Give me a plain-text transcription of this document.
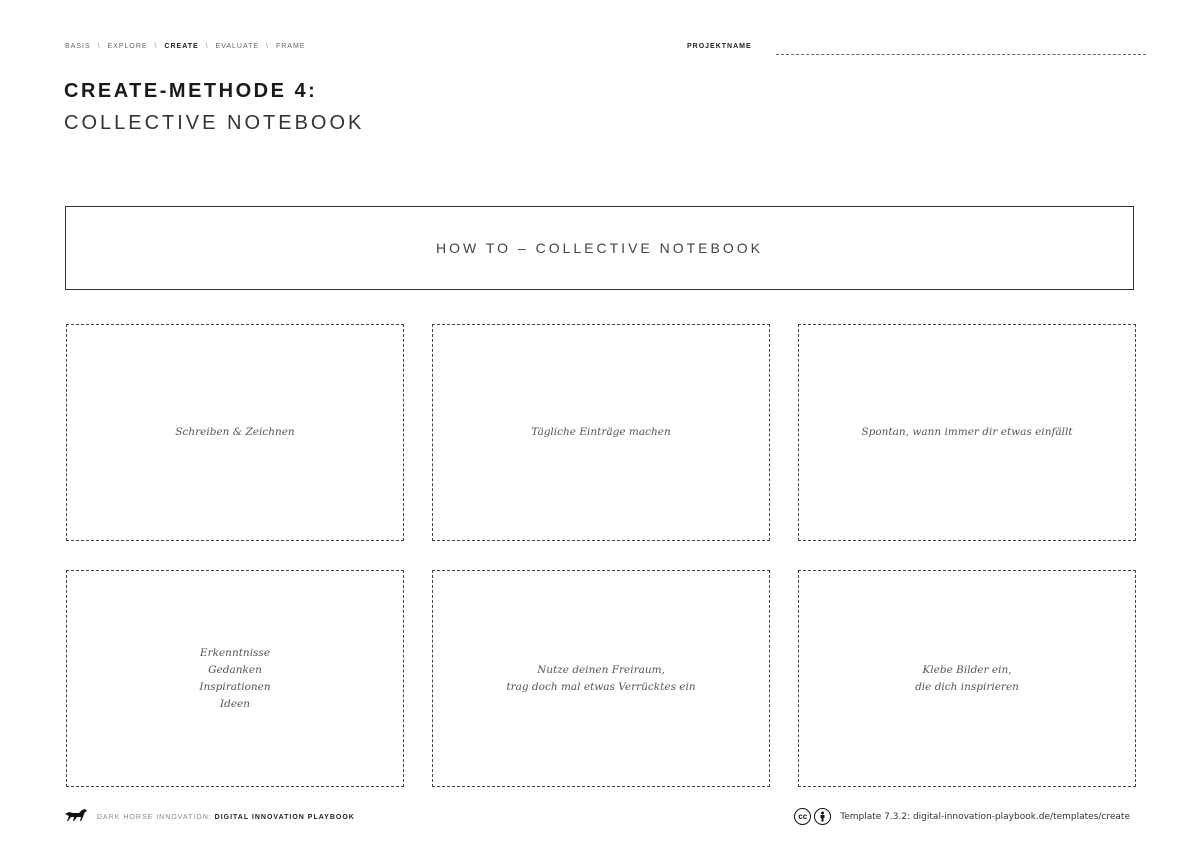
BASIS \ EXPLORE \ CREATE \ EVALUATE \ FRAME	PROJEKTNAME
CREATE-METHODE 4:
COLLECTIVE NOTEBOOK
HOW TO – COLLECTIVE NOTEBOOK
Schreiben & Zeichnen	Tägliche Einträge machen	Spontan, wann immer dir etwas einfällt
Erkenntnisse
Gedanken
Inspirationen
Ideen
Nutze deinen Freiraum,
trag doch mal etwas Verrücktes ein
Klebe Bilder ein,
die dich inspirieren
DARK HORSE INNOVATION: DIGITAL INNOVATION PLAYBOOK	cc	Template 7.3.2: digital-innovation-playbook.de/templates/create
